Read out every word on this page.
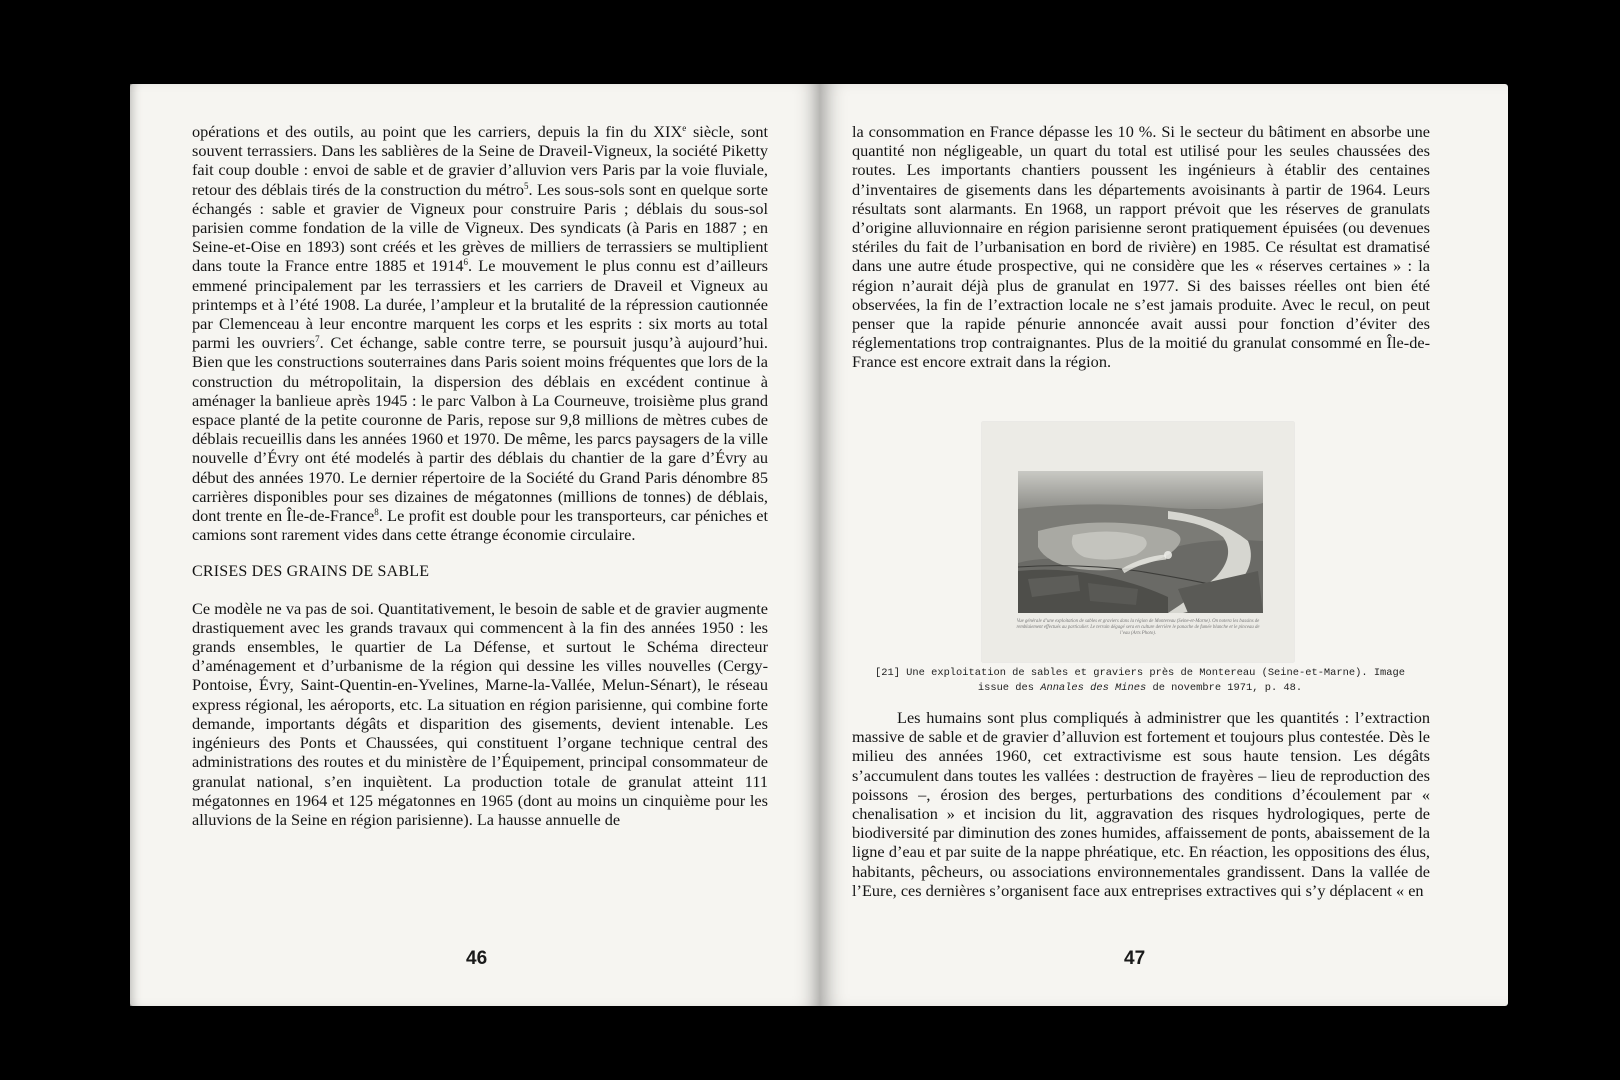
opérations et des outils, au point que les carriers, depuis la fin du XIXe siècle, sont souvent terrassiers. Dans les sablières de la Seine de Draveil-Vigneux, la société Piketty fait coup double : envoi de sable et de gravier d’alluvion vers Paris par la voie fluviale, retour des déblais tirés de la construction du métro$^5$. Les sous-sols sont en quelque sorte échangés : sable et gravier de Vigneux pour construire Paris ; déblais du sous-sol parisien comme fondation de la ville de Vigneux. Des syndicats (à Paris en 1887 ; en Seine-et-Oise en 1893) sont créés et les grèves de milliers de terrassiers se multiplient dans toute la France entre 1885 et 1914$^6$. Le mouvement le plus connu est d’ailleurs emmené principalement par les terrassiers et les carriers de Draveil et Vigneux au printemps et à l’été 1908. La durée, l’ampleur et la brutalité de la répression cautionnée par Clemenceau à leur encontre marquent les corps et les esprits : six morts au total parmi les ouvriers$^7$. Cet échange, sable contre terre, se poursuit jusqu’à aujourd’hui. Bien que les constructions souterraines dans Paris soient moins fréquentes que lors de la construction du métropolitain, la dispersion des déblais en excédent continue à aménager la banlieue après 1945 : le parc Valbon à La Courneuve, troisième plus grand espace planté de la petite couronne de Paris, repose sur 9,8 millions de mètres cubes de déblais recueillis dans les années 1960 et 1970. De même, les parcs paysagers de la ville nouvelle d’Évry ont été modelés à partir des déblais du chantier de la gare d’Évry au début des années 1970. Le dernier répertoire de la Société du Grand Paris dénombre 85 carrières disponibles pour ses dizaines de mégatonnes (millions de tonnes) de déblais, dont trente en Île-de-France$^8$. Le profit est double pour les transporteurs, car péniches et camions sont rarement vides dans cette étrange économie circulaire.

CRISES DES GRAINS DE SABLE

Ce modèle ne va pas de soi. Quantitativement, le besoin de sable et de gravier augmente drastiquement avec les grands travaux qui commencent à la fin des années 1950 : les grands ensembles, le quartier de La Défense, et surtout le Schéma directeur d’aménagement et d’urbanisme de la région qui dessine les villes nouvelles (Cergy-Pontoise, Évry, Saint-Quentin-en-Yvelines, Marne-la-Vallée, Melun-Sénart), le réseau express régional, les aéroports, etc. La situation en région parisienne, qui combine forte demande, importants dégâts et disparition des gisements, devient intenable. Les ingénieurs des Ponts et Chaussées, qui constituent l’organe technique central des administrations des routes et du ministère de l’Équipement, principal consommateur de granulat national, s’en inquiètent. La production totale de granulat atteint 111 mégatonnes en 1964 et 125 mégatonnes en 1965 (dont au moins un cinquième pour les alluvions de la Seine en région parisienne). La hausse annuelle de

46

la consommation en France dépasse les 10 %. Si le secteur du bâtiment en absorbe une quantité non négligeable, un quart du total est utilisé pour les seules chaussées des routes. Les importants chantiers poussent les ingénieurs à établir des centaines d’inventaires de gisements dans les départements avoisinants à partir de 1964. Leurs résultats sont alarmants. En 1968, un rapport prévoit que les réserves de granulats d’origine alluvionnaire en région parisienne seront pratiquement épuisées (ou devenues stériles du fait de l’urbanisation en bord de rivière) en 1985. Ce résultat est dramatisé dans une autre étude prospective, qui ne considère que les « réserves certaines » : la région n’aurait déjà plus de granulat en 1977. Si des baisses réelles ont bien été observées, la fin de l’extraction locale ne s’est jamais produite. Avec le recul, on peut penser que la rapide pénurie annoncée avait aussi pour fonction d’éviter des réglementations trop contraignantes. Plus de la moitié du granulat consommé en Île-de-France est encore extrait dans la région.

Vue générale d’une exploitation de sables et graviers dans la région de Montereau (Seine-et-Marne). On notera les bassins de remblaiement effectués au particulier. Le terrain dégagé sera en culture derrière le panache de fumée blanche et le pinceau de l’eau (Arts Photo).
[21] Une exploitation de sables et graviers près de Montereau (Seine-et-Marne). Image issue des Annales des Mines de novembre 1971, p. 48.

Les humains sont plus compliqués à administrer que les quantités : l’extraction massive de sable et de gravier d’alluvion est fortement et toujours plus contestée. Dès le milieu des années 1960, cet extractivisme est sous haute tension. Les dégâts s’accumulent dans toutes les vallées : destruction de frayères – lieu de reproduction des poissons –, érosion des berges, perturbations des conditions d’écoulement par « chenalisation » et incision du lit, aggravation des risques hydrologiques, perte de biodiversité par diminution des zones humides, affaissement de ponts, abaissement de la ligne d’eau et par suite de la nappe phréatique, etc. En réaction, les oppositions des élus, habitants, pêcheurs, ou associations environnementales grandissent. Dans la vallée de l’Eure, ces dernières s’organisent face aux entreprises extractives qui s’y déplacent « en

47
